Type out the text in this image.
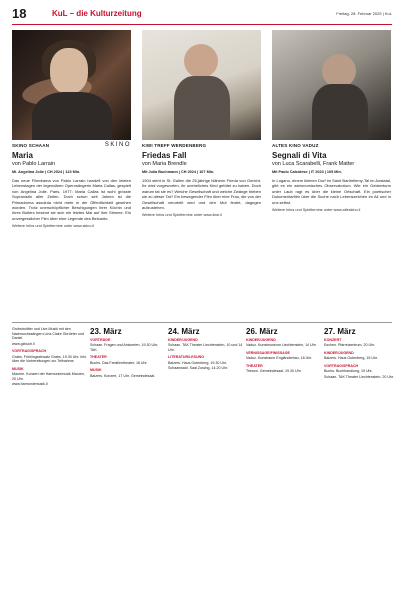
18	KuL – die Kulturzeitung	Freitag, 28. Februar 2025 | KuL
SKINO SCHAAN	SKINO
Maria
von Pablo Larrain
Mi. Angelina Jolie | CH 2024 | 123 Min.
Das neue Filmdrama von Pablo Larrain handelt von den letzten Lebenstagen der legendären Opernsängerin Maria Callas, gespielt von Angelina Jolie. Paris, 1977: Maria Callas ist wohl grösste Sopranistin aller Zeiten. Doch schon seit Jahren ist die Primadonna assoluta nicht mehr in der Öffentlichkeit gesehen worden. Trotz unerschöpflicher Beruhigungen ihrer Köchin und ihres Butlers besinnt sie sich ein letztes Mal auf ihre Stimme. Ein unvergesslicher Film über eine Legende des Belcanto.
Weitere Infos und Spielternine unter www.skino.li
KIWI TREFF WERDENBERG
Friedas Fall
von Maria Brendle
Mit Julia Buchmann | CH 2024 | 107 Min.
1904 steht in St. Gallen die 25-jährige Näherin Frieda von Gericht. Ihr wird vorgeworfen, ihr uneheliches Kind getötet zu haben. Doch warum tat sie es? Welche Gesellschaft und welche Zwänge trieben sie zu dieser Tat? Ein bewegender Film über eine Frau, die von der Gesellschaft verurteilt wird und den Mut findet, dagegen aufzustehen.
Weitere Infos und Spielternine unter www.kiwi.li
ALTES KINO VADUZ
Segnali di Vita
von Luca Scarabelli, Frank Matter
Mit Paolo Calcidese | IT 2023 | 105 Min.
In Lugano, einem kleinen Dorf im Saint Barthélemy-Tal im Aostatal, gibt es ein astronomisches Observatorium. Wie ein Geisterturm unter Laub ragt es über die kleine Ortschaft. Ein poetischer Dokumentarfilm über die Suche nach Lebenszeichen im All und in uns selbst.
Weitere Infos und Spielternine unter www.alteskino.li
Grubstrolitter und Live-Musik mit den Nachwuchssängern Lina Claire Gbrüeter und Daniel.
www.gzbuch.li
VORTRAG/SPRACH
Grabs. Frühlingseinsatz Grabs, 19.30 Uhr. Info über die Vorbereitungen zur Teilnahme.
MUSIK
Mauren. Konzert der Harmoniemusik Mauren, 20 Uhr.
www.harmoniemusik.li
23. März
VORTRÄGE
Schaan. Fragen und Antworten, 19.30 Uhr, TAK.
THEATER
Buchs. Das Familientheater, 16 Uhr.
MUSIK
Balzers. Konzert, 17 Uhr, Gemeindesaal.
24. März
KINDER/JUGEND
Schaan. TAK Theater Liechtenstein, 10 und 14 Uhr.
LITERATUR/LESUNG
Balzers. Haus Gutenberg, 19.30 Uhr.
Schaanwald. Saal Zuschg, 14.20 Uhr.
26. März
KINDER/JUGEND
Vaduz. Kunstmuseum Liechtenstein, 14 Uhr.
VERNISSAGE/FINISSAGE
Vaduz. Kunstraum Engländerbau, 18 Uhr.
THEATER
Triesen. Gemeindesaal, 19.30 Uhr.
27. März
KONZERT
Eschen. Pfarreizentrum, 20 Uhr.
KINDER/JUGEND
Balzers. Haus Gutenberg, 15 Uhr.
VORTRAG/SPRACH
Buchs. Buchhandlung, 19 Uhr.
Schaan. TAK Theater Liechtenstein, 20 Uhr.
